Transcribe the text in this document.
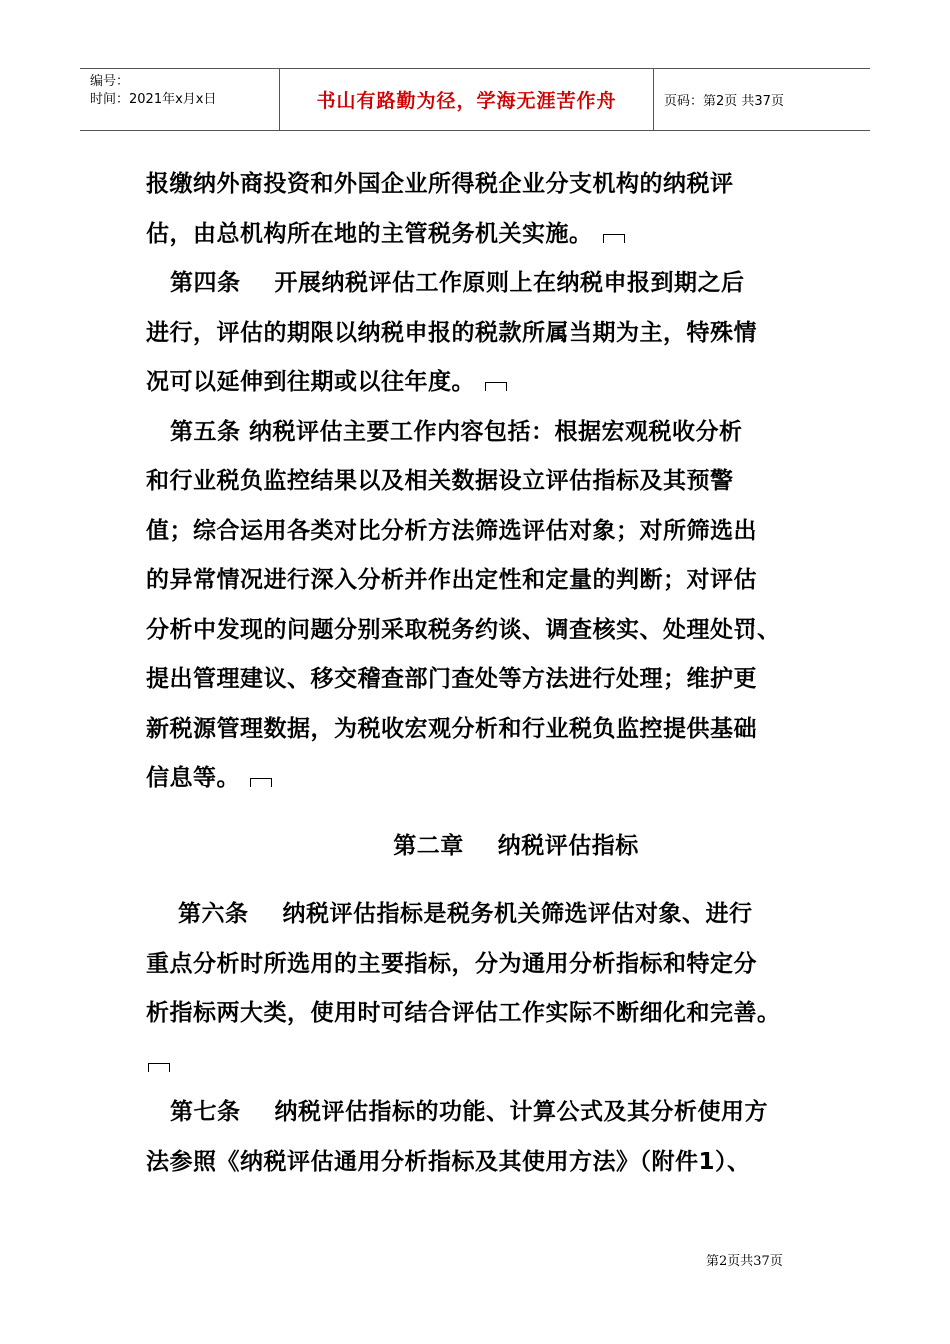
编号：
时间：2021年x月x日	书山有路勤为径，学海无涯苦作舟	页码：第2页 共37页

报缴纳外商投资和外国企业所得税企业分支机构的纳税评

估，由总机构所在地的主管税务机关实施。

第四条 开展纳税评估工作原则上在纳税申报到期之后

进行，评估的期限以纳税申报的税款所属当期为主，特殊情

况可以延伸到往期或以往年度。

第五条 纳税评估主要工作内容包括：根据宏观税收分析

和行业税负监控结果以及相关数据设立评估指标及其预警

值；综合运用各类对比分析方法筛选评估对象；对所筛选出

的异常情况进行深入分析并作出定性和定量的判断；对评估

分析中发现的问题分别采取税务约谈、调查核实、处理处罚、

提出管理建议、移交稽查部门查处等方法进行处理；维护更

新税源管理数据，为税收宏观分析和行业税负监控提供基础

信息等。

第二章 纳税评估指标

第六条 纳税评估指标是税务机关筛选评估对象、进行

重点分析时所选用的主要指标，分为通用分析指标和特定分

析指标两大类，使用时可结合评估工作实际不断细化和完善。

第七条 纳税评估指标的功能、计算公式及其分析使用方

法参照《纳税评估通用分析指标及其使用方法》（附件1）、

第2页共37页
